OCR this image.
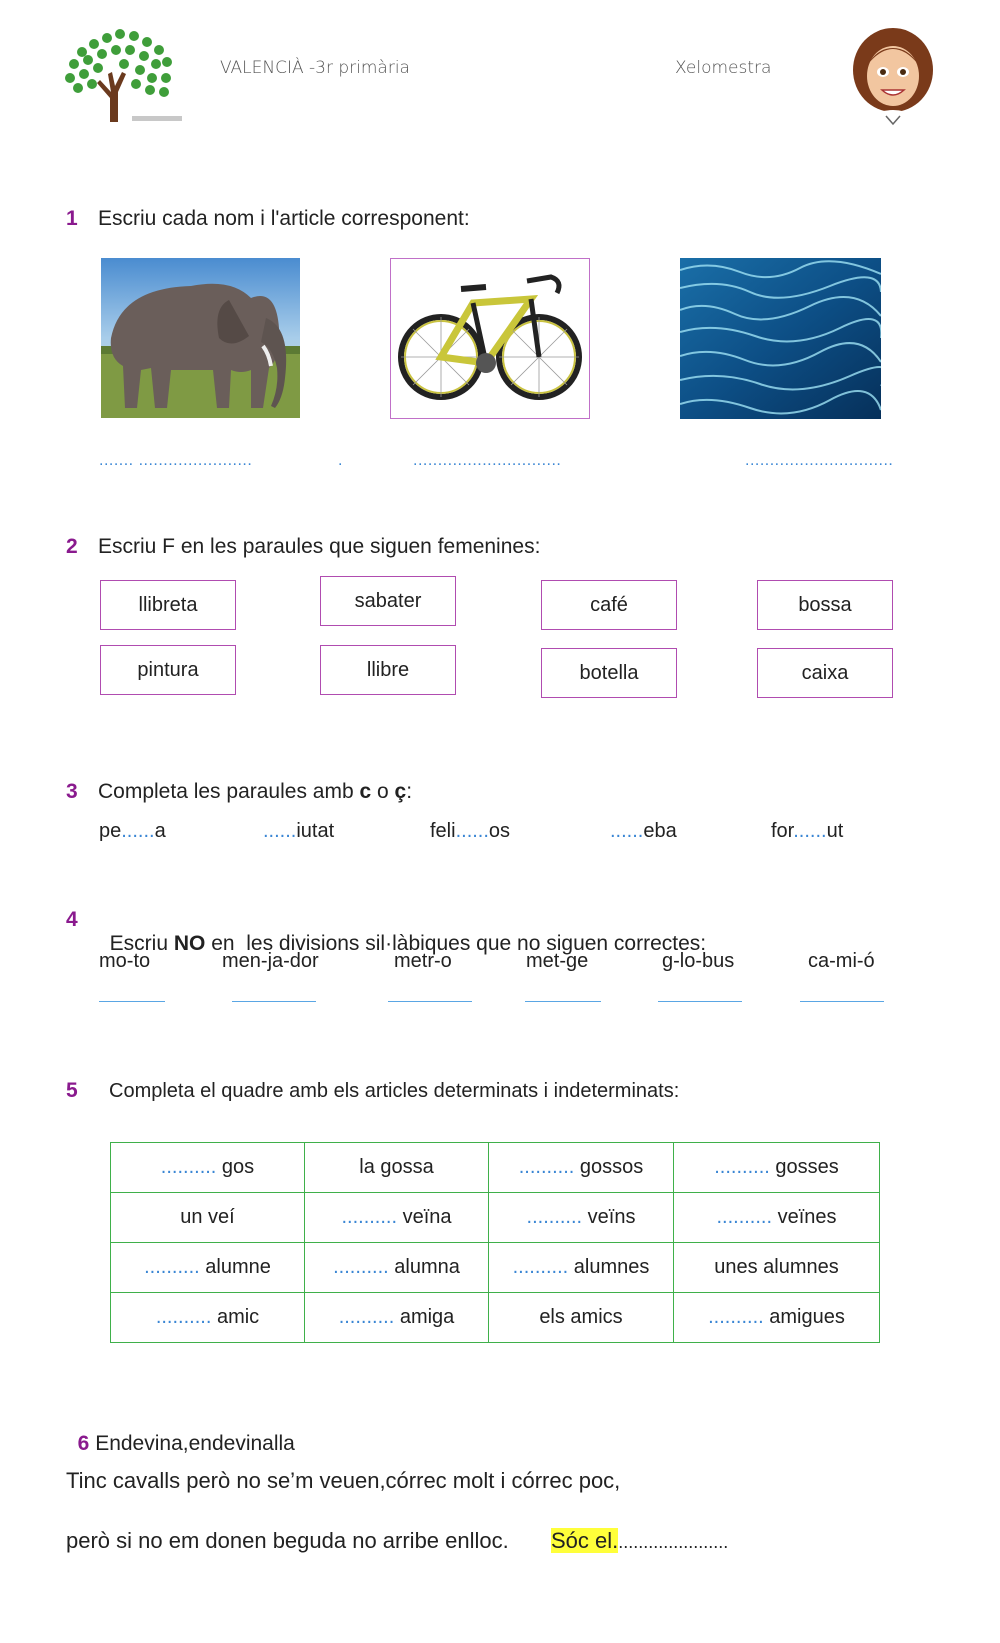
VALENCIÀ -3r primària	Xelomestra
1 Escriu cada nom i l'article corresponent:
....... .......................	.	..............................	..............................
2 Escriu F en les paraules que siguen femenines:
llibreta	sabater	café	bossa
pintura	llibre	botella	caixa
3 Completa les paraules amb c o ç:
pe......a	......iutat	feli......os	......eba	for......ut
4

Escriu NO en  les divisions sil·làbiques que no siguen correctes:

mo-to	men-ja-dor	metr-o	met-ge	g-lo-bus	ca-mi-ó
5 Completa el quadre amb els articles determinats i indeterminats:
.......... gos	la gossa	.......... gossos	.......... gosses
un veí	.......... veïna	.......... veïns	.......... veïnes
.......... alumne	.......... alumna	.......... alumnes	unes alumnes
.......... amic	.......... amiga	els amics	.......... amigues

6 Endevina,endevinalla

Tinc cavalls però no se’m veuen,córrec molt i córrec poc,
però si no em donen beguda no arribe enlloc. Sóc el.......................
